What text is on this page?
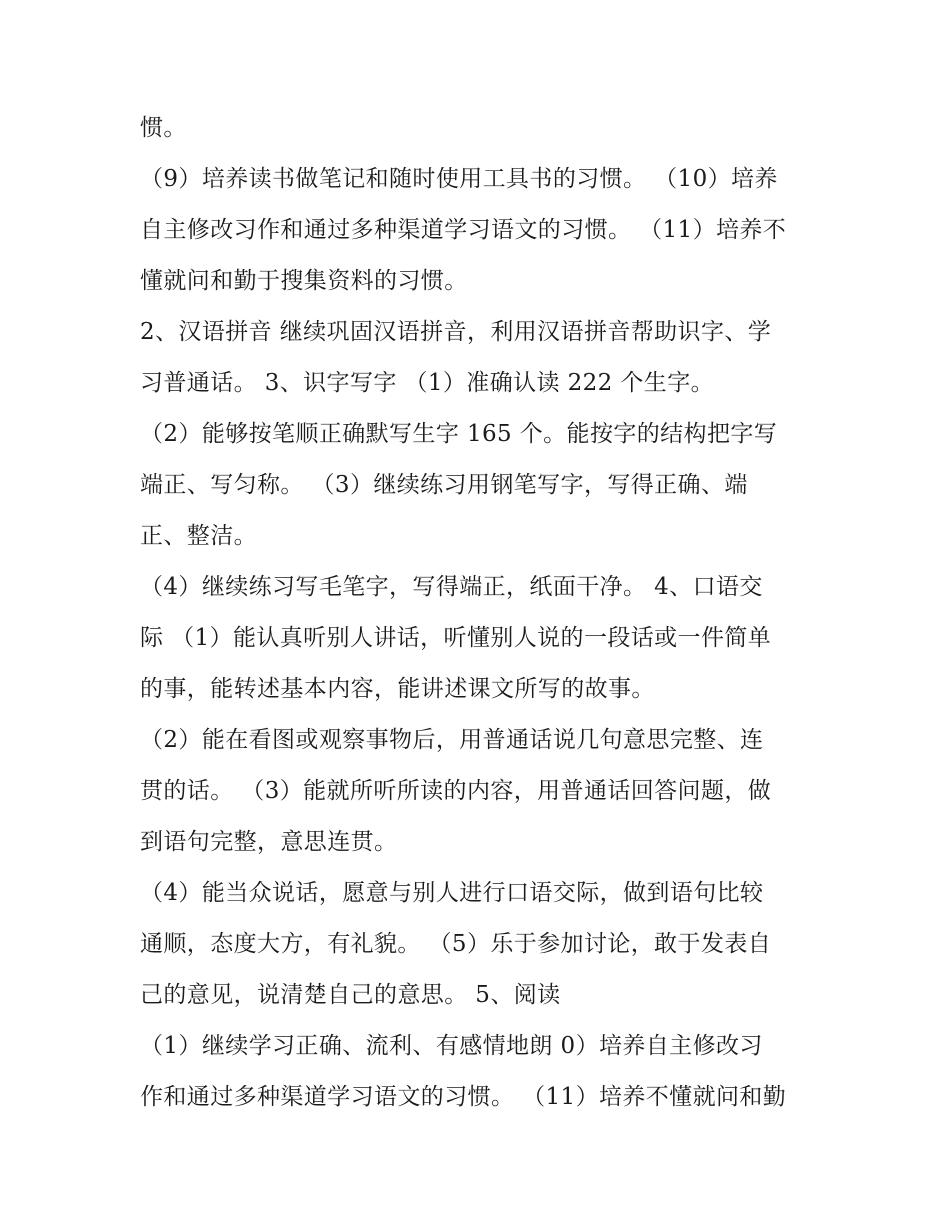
惯。
（9）培养读书做笔记和随时使用工具书的习惯。 （10）培养
自主修改习作和通过多种渠道学习语文的习惯。 （11）培养不
懂就问和勤于搜集资料的习惯。
2、汉语拼音 继续巩固汉语拼音，利用汉语拼音帮助识字、学
习普通话。 3、识字写字 （1）准确认读 222 个生字。
（2）能够按笔顺正确默写生字 165 个。能按字的结构把字写
端正、写匀称。 （3）继续练习用钢笔写字，写得正确、端
正、整洁。
（4）继续练习写毛笔字，写得端正，纸面干净。 4、口语交
际 （1）能认真听别人讲话，听懂别人说的一段话或一件简单
的事，能转述基本内容，能讲述课文所写的故事。
（2）能在看图或观察事物后，用普通话说几句意思完整、连
贯的话。 （3）能就所听所读的内容，用普通话回答问题，做
到语句完整，意思连贯。
（4）能当众说话，愿意与别人进行口语交际，做到语句比较
通顺，态度大方，有礼貌。 （5）乐于参加讨论，敢于发表自
己的意见，说清楚自己的意思。 5、阅读
（1）继续学习正确、流利、有感情地朗 0）培养自主修改习
作和通过多种渠道学习语文的习惯。 （11）培养不懂就问和勤
